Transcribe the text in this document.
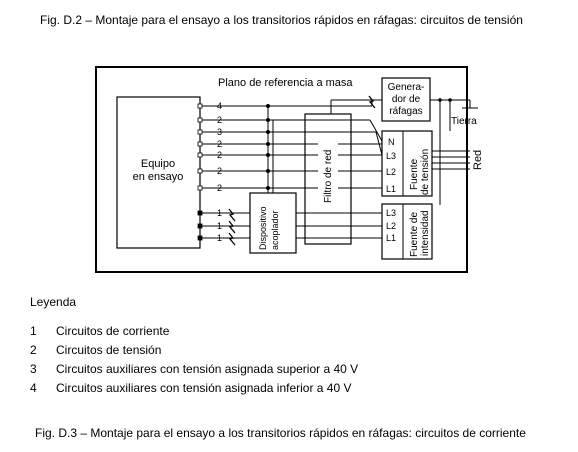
Fig. D.2 – Montaje para el ensayo a los transitorios rápidos en ráfagas: circuitos de tensión
Plano de referencia a masa
Equipo
en ensayo
4
2
3
2
2
2
2
1
1
1	Dispositivo acoplador
Filtro de red
Genera-
dor de
ráfagas
Tierra
N
L3
L2
L1 Fuente de tensión
L3
L2
L1 Fuente de intensidad
Red
Leyenda
1	Circuitos de corriente
2	Circuitos de tensión
3	Circuitos auxiliares con tensión asignada superior a 40 V
4	Circuitos auxiliares con tensión asignada inferior a 40 V
Fig. D.3 – Montaje para el ensayo a los transitorios rápidos en ráfagas: circuitos de corriente
